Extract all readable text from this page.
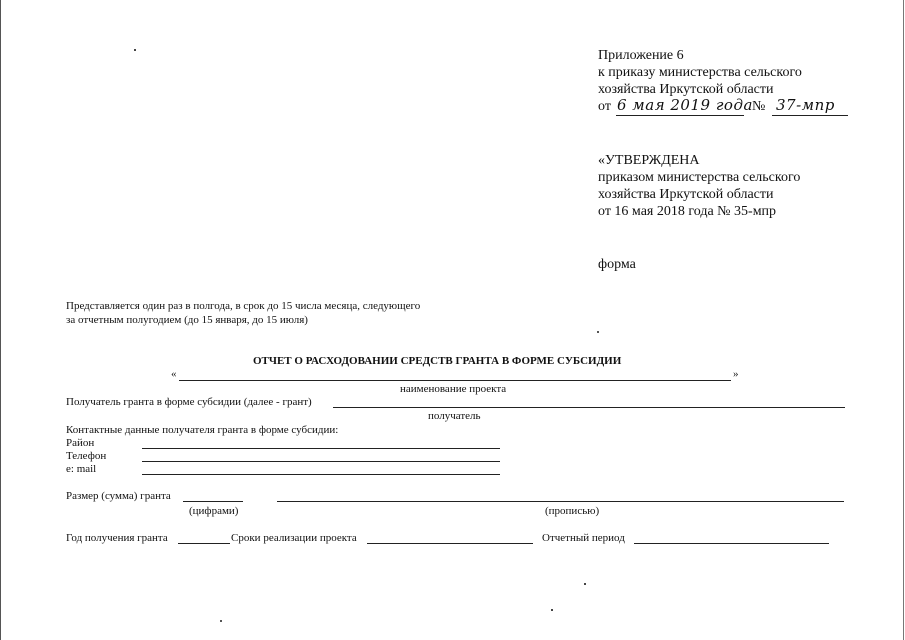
Приложение 6
к приказу министерства сельского
хозяйства Иркутской области
от 6 мая 2019 года № 37-мпр
«УТВЕРЖДЕНА
приказом министерства сельского
хозяйства Иркутской области
от 16 мая 2018 года № 35-мпр
форма
Представляется один раз в полгода, в срок до 15 числа месяца, следующего
за отчетным полугодием (до 15 января, до 15 июля)
ОТЧЕТ О РАСХОДОВАНИИ СРЕДСТВ ГРАНТА В ФОРМЕ СУБСИДИИ
«	»
наименование проекта
Получатель гранта в форме субсидии (далее - грант)
получатель
Контактные данные получателя гранта в форме субсидии:
Район
Телефон
e: mail
Размер (сумма) гранта
(цифрами)	(прописью)
Год получения гранта	Сроки реализации проекта	Отчетный период
